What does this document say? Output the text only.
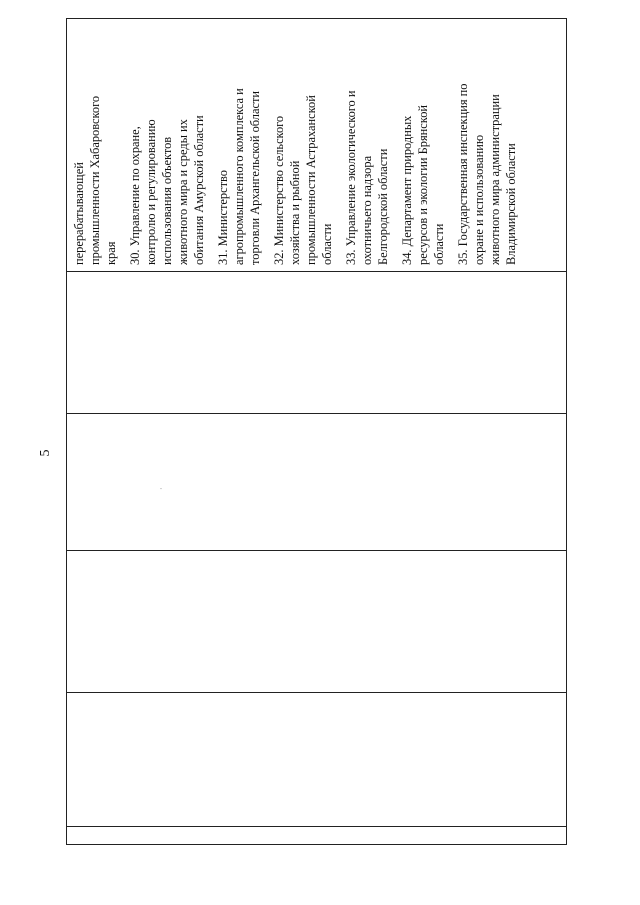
5
·
перерабатывающей промышленности Хабаровского края 30. Управление по охране, контролю и регулированию использования объектов животного мира и среды их обитания Амурской области 31. Министерство агропромышленного комплекса и торговли Архангельской области 32. Министерство сельского хозяйства и рыбной промышленности Астраханской области 33. Управление экологического и охотничьего надзора Белгородской области 34. Департамент природных ресурсов и экологии Брянской области 35. Государственная инспекция по охране и использованию животного мира администрации Владимирской области
